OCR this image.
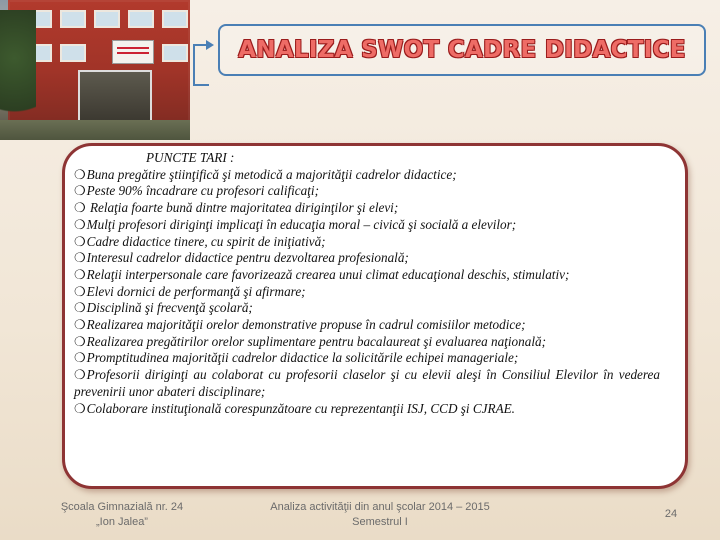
ANALIZA SWOT CADRE DIDACTICE
PUNCTE TARI :
❍Buna pregătire ştiinţifică şi metodică a majorităţii cadrelor didactice;
❍Peste 90% încadrare cu profesori calificaţi;
❍ Relaţia foarte bună dintre majoritatea diriginţilor şi elevi;
❍Mulţi profesori diriginţi implicaţi în educaţia moral – civică şi socială a elevilor;
❍Cadre didactice tinere, cu spirit de iniţiativă;
❍Interesul cadrelor didactice pentru dezvoltarea profesională;
❍Relaţii interpersonale care favorizează crearea unui climat educaţional deschis, stimulativ;
❍Elevi dornici de performanţă şi afirmare;
❍Disciplină şi frecvenţă şcolară;
❍Realizarea majorităţii orelor demonstrative propuse în cadrul comisiilor metodice;
❍Realizarea pregătirilor orelor suplimentare pentru bacalaureat şi evaluarea naţională;
❍Promptitudinea majorităţii cadrelor didactice la solicitările echipei manageriale;
❍Profesorii diriginţi au colaborat cu profesorii claselor şi cu elevii aleşi în Consiliul Elevilor în vederea prevenirii unor abateri disciplinare;
❍Colaborare instituţională corespunzătoare cu reprezentanţii ISJ, CCD şi CJRAE.
Şcoala Gimnazială nr. 24
„Ion Jalea”
Analiza activităţii din anul şcolar 2014 – 2015
Semestrul I
24
